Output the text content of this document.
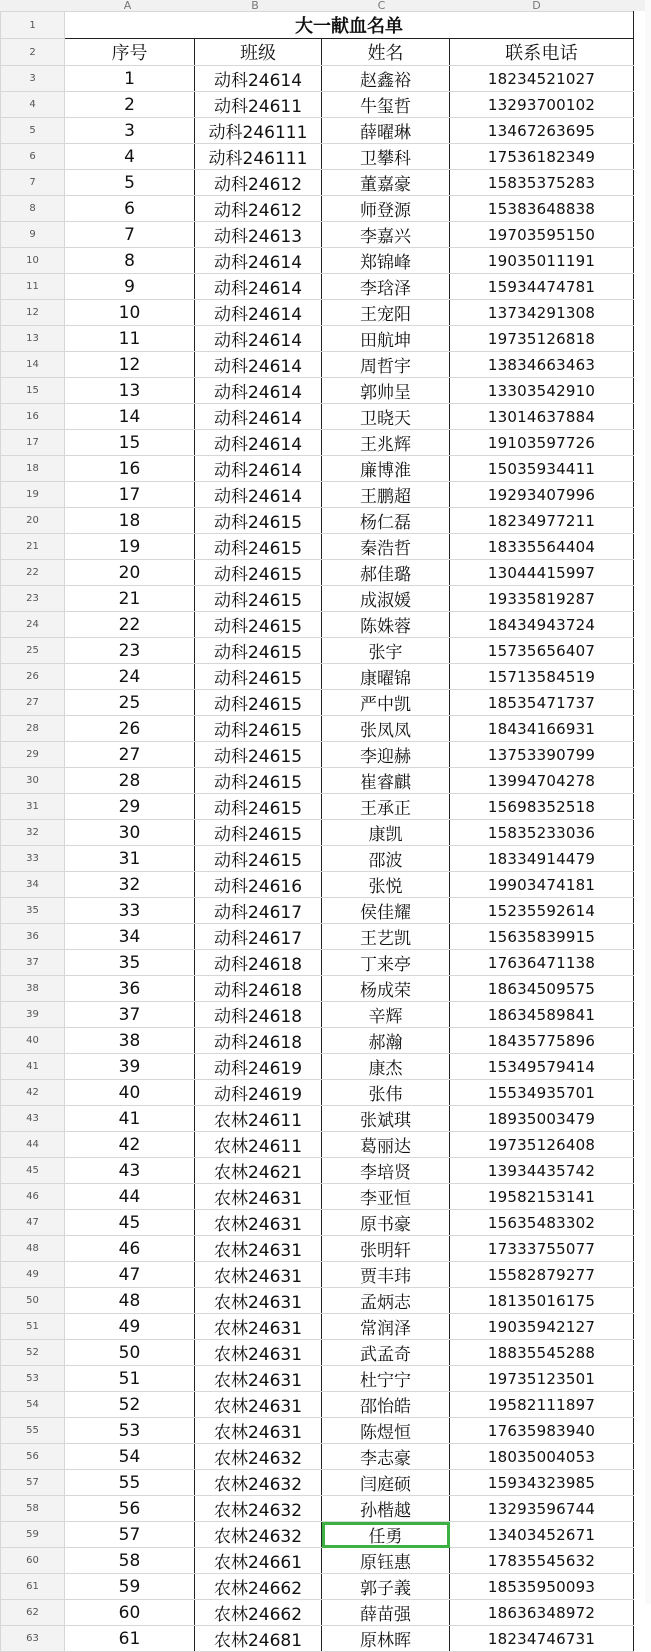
A	B	C	D
1	大一献血名单			
2	序号	班级	姓名	联系电话
3	1	动科24614	赵鑫裕	18234521027
4	2	动科24611	牛玺哲	13293700102
5	3	动科246111	薛曜琳	13467263695
6	4	动科246111	卫攀科	17536182349
7	5	动科24612	董嘉豪	15835375283
8	6	动科24612	师登源	15383648838
9	7	动科24613	李嘉兴	19703595150
10	8	动科24614	郑锦峰	19035011191
11	9	动科24614	李琀泽	15934474781
12	10	动科24614	王宠阳	13734291308
13	11	动科24614	田航坤	19735126818
14	12	动科24614	周哲宇	13834663463
15	13	动科24614	郭帅呈	13303542910
16	14	动科24614	卫晓天	13014637884
17	15	动科24614	王兆辉	19103597726
18	16	动科24614	廉博淮	15035934411
19	17	动科24614	王鹏超	19293407996
20	18	动科24615	杨仁磊	18234977211
21	19	动科24615	秦浩哲	18335564404
22	20	动科24615	郝佳璐	13044415997
23	21	动科24615	成淑媛	19335819287
24	22	动科24615	陈姝蓉	18434943724
25	23	动科24615	张宇	15735656407
26	24	动科24615	康曜锦	15713584519
27	25	动科24615	严中凯	18535471737
28	26	动科24615	张凤凤	18434166931
29	27	动科24615	李迎赫	13753390799
30	28	动科24615	崔睿麒	13994704278
31	29	动科24615	王承正	15698352518
32	30	动科24615	康凯	15835233036
33	31	动科24615	邵波	18334914479
34	32	动科24616	张悦	19903474181
35	33	动科24617	侯佳耀	15235592614
36	34	动科24617	王艺凯	15635839915
37	35	动科24618	丁来亭	17636471138
38	36	动科24618	杨成荣	18634509575
39	37	动科24618	辛辉	18634589841
40	38	动科24618	郝瀚	18435775896
41	39	动科24619	康杰	15349579414
42	40	动科24619	张伟	15534935701
43	41	农林24611	张斌琪	18935003479
44	42	农林24611	葛丽达	19735126408
45	43	农林24621	李培贤	13934435742
46	44	农林24631	李亚恒	19582153141
47	45	农林24631	原书豪	15635483302
48	46	农林24631	张明轩	17333755077
49	47	农林24631	贾丰玮	15582879277
50	48	农林24631	孟炳志	18135016175
51	49	农林24631	常润泽	19035942127
52	50	农林24631	武孟奇	18835545288
53	51	农林24631	杜宁宁	19735123501
54	52	农林24631	邵怡皓	19582111897
55	53	农林24631	陈煜恒	17635983940
56	54	农林24632	李志豪	18035004053
57	55	农林24632	闫庭硕	15934323985
58	56	农林24632	孙楷越	13293596744
59	57	农林24632	任勇	13403452671
60	58	农林24661	原钰惠	17835545632
61	59	农林24662	郭子義	18535950093
62	60	农林24662	薛苗强	18636348972
63	61	农林24681	原林晖	18234746731
